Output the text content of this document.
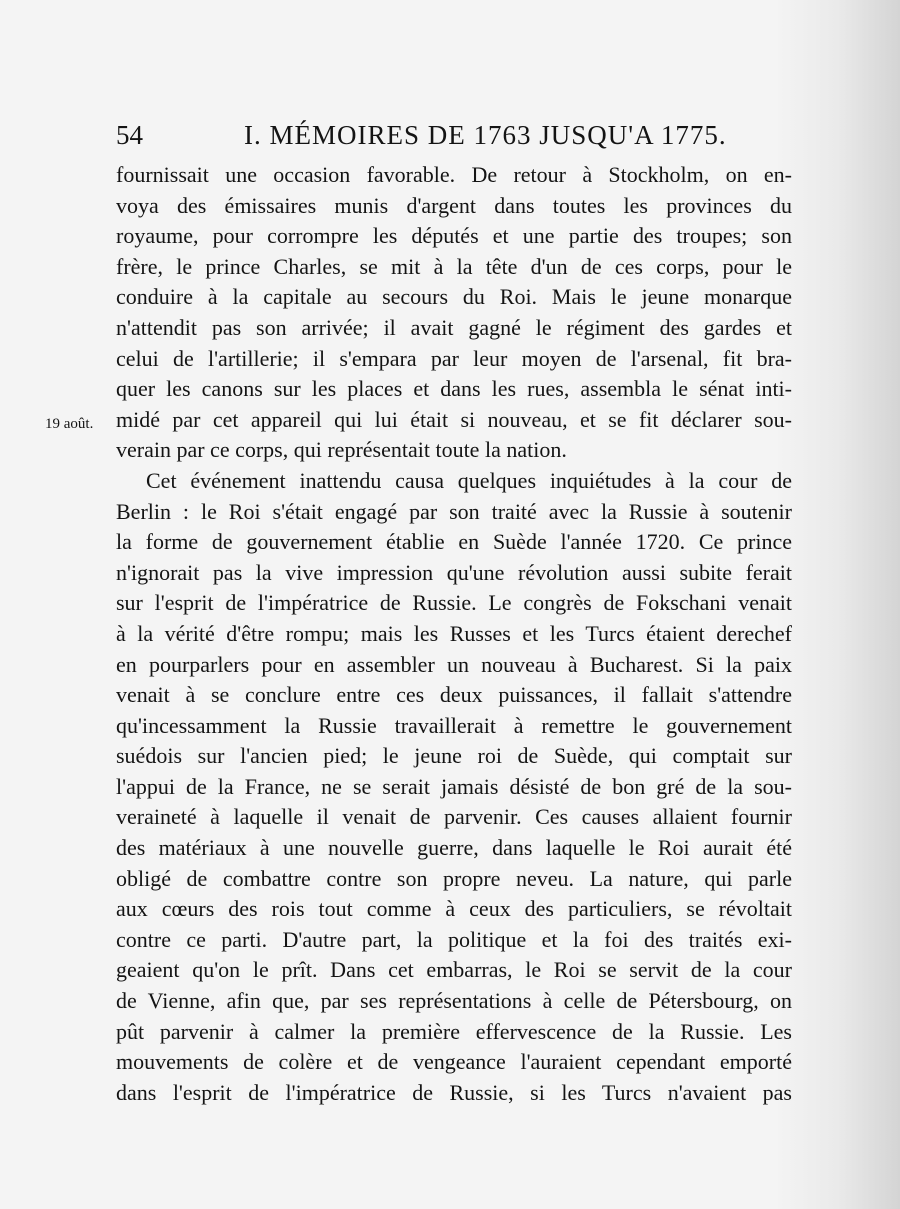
54	I. MÉMOIRES DE 1763 JUSQU'A 1775.
19 août.
fournissait une occasion favorable. De retour à Stockholm, on en-
voya des émissaires munis d'argent dans toutes les provinces du
royaume, pour corrompre les députés et une partie des troupes; son
frère, le prince Charles, se mit à la tête d'un de ces corps, pour le
conduire à la capitale au secours du Roi. Mais le jeune monarque
n'attendit pas son arrivée; il avait gagné le régiment des gardes et
celui de l'artillerie; il s'empara par leur moyen de l'arsenal, fit bra-
quer les canons sur les places et dans les rues, assembla le sénat inti-
midé par cet appareil qui lui était si nouveau, et se fit déclarer sou-
verain par ce corps, qui représentait toute la nation.
Cet événement inattendu causa quelques inquiétudes à la cour de
Berlin : le Roi s'était engagé par son traité avec la Russie à soutenir
la forme de gouvernement établie en Suède l'année 1720. Ce prince
n'ignorait pas la vive impression qu'une révolution aussi subite ferait
sur l'esprit de l'impératrice de Russie. Le congrès de Fokschani venait
à la vérité d'être rompu; mais les Russes et les Turcs étaient derechef
en pourparlers pour en assembler un nouveau à Bucharest. Si la paix
venait à se conclure entre ces deux puissances, il fallait s'attendre
qu'incessamment la Russie travaillerait à remettre le gouvernement
suédois sur l'ancien pied; le jeune roi de Suède, qui comptait sur
l'appui de la France, ne se serait jamais désisté de bon gré de la sou-
veraineté à laquelle il venait de parvenir. Ces causes allaient fournir
des matériaux à une nouvelle guerre, dans laquelle le Roi aurait été
obligé de combattre contre son propre neveu. La nature, qui parle
aux cœurs des rois tout comme à ceux des particuliers, se révoltait
contre ce parti. D'autre part, la politique et la foi des traités exi-
geaient qu'on le prît. Dans cet embarras, le Roi se servit de la cour
de Vienne, afin que, par ses représentations à celle de Pétersbourg, on
pût parvenir à calmer la première effervescence de la Russie. Les
mouvements de colère et de vengeance l'auraient cependant emporté
dans l'esprit de l'impératrice de Russie, si les Turcs n'avaient pas
